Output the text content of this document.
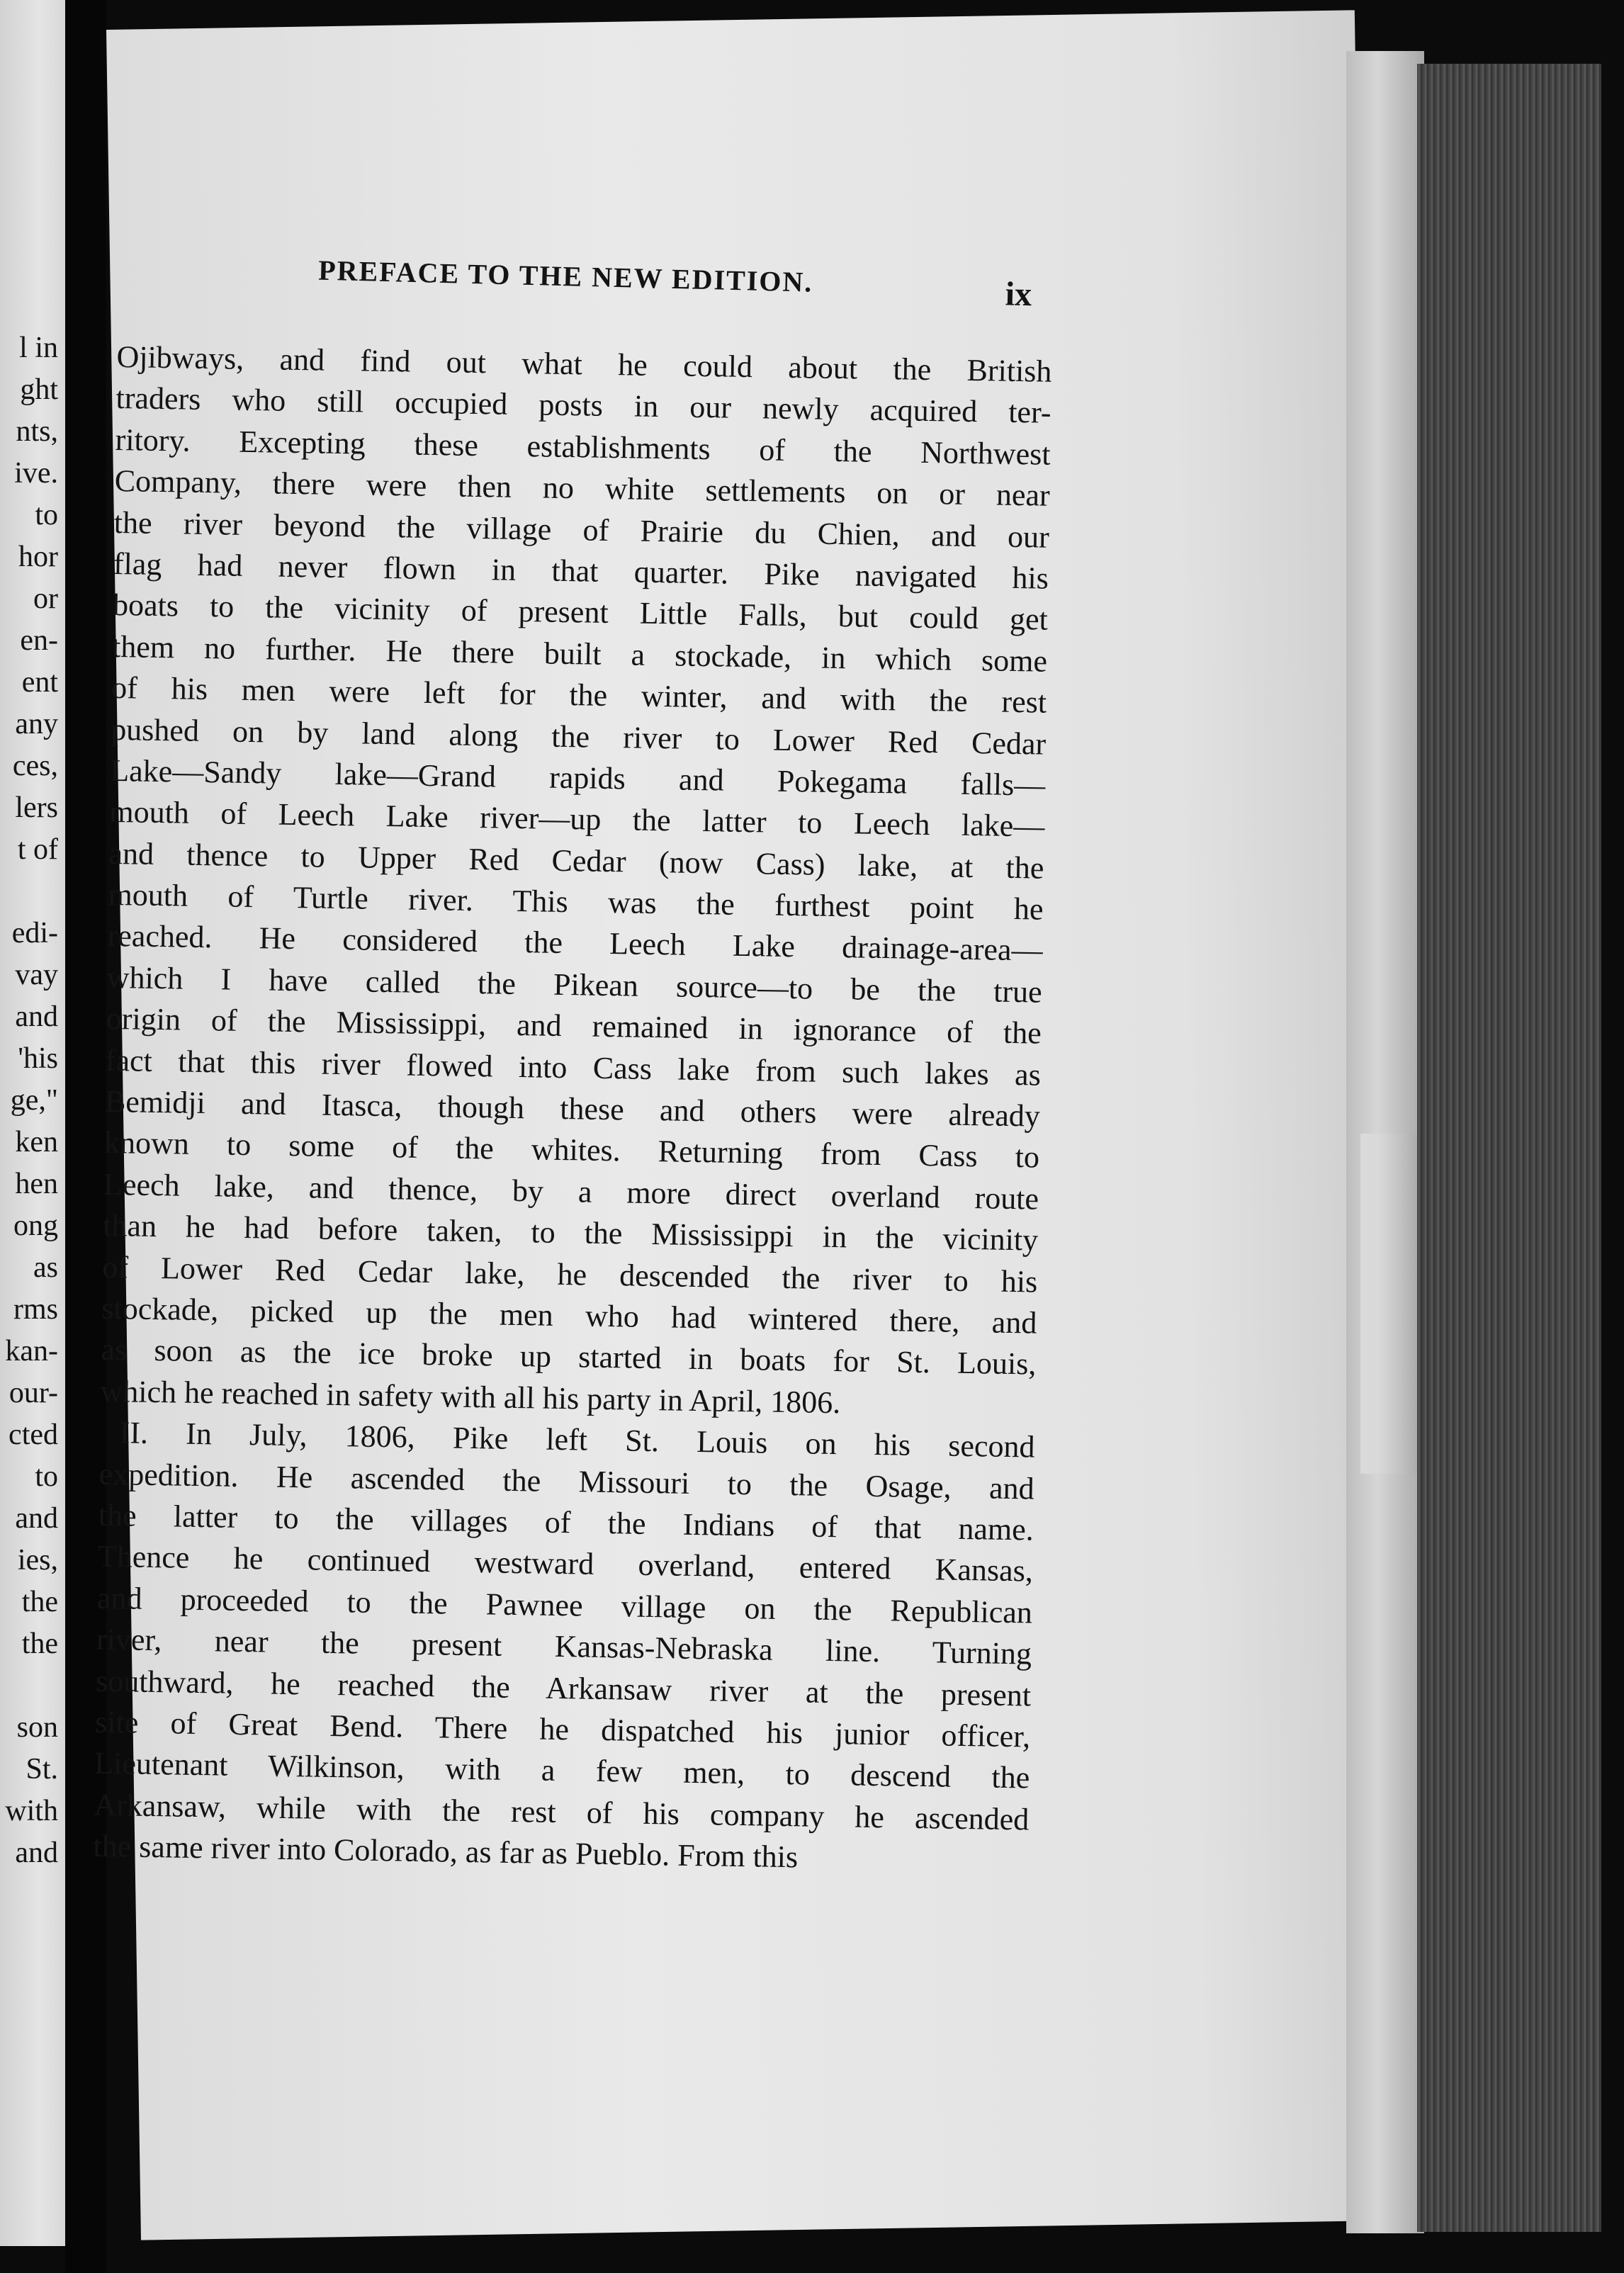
l in

ght

nts,

ive.

to

hor

or

en-

ent

any

ces,

lers

t of

edi-

vay

and

'his

ge,"

ken

hen

ong

as

rms

kan-

our-

cted

to

and

ies,

the

the

son

St.

with

and

PREFACE TO THE NEW EDITION.	ix
Ojibways, and find out what he could about the British
traders who still occupied posts in our newly acquired ter-
ritory. Excepting these establishments of the Northwest
Company, there were then no white settlements on or near
the river beyond the village of Prairie du Chien, and our
flag had never flown in that quarter. Pike navigated his
boats to the vicinity of present Little Falls, but could get
them no further. He there built a stockade, in which some
of his men were left for the winter, and with the rest
pushed on by land along the river to Lower Red Cedar
Lake—Sandy lake—Grand rapids and Pokegama falls—
mouth of Leech Lake river—up the latter to Leech lake—
and thence to Upper Red Cedar (now Cass) lake, at the
mouth of Turtle river. This was the furthest point he
reached. He considered the Leech Lake drainage-area—
which I have called the Pikean source—to be the true
origin of the Mississippi, and remained in ignorance of the
fact that this river flowed into Cass lake from such lakes as
Bemidji and Itasca, though these and others were already
known to some of the whites. Returning from Cass to
Leech lake, and thence, by a more direct overland route
than he had before taken, to the Mississippi in the vicinity
of Lower Red Cedar lake, he descended the river to his
stockade, picked up the men who had wintered there, and
as soon as the ice broke up started in boats for St. Louis,
which he reached in safety with all his party in April, 1806.
II. In July, 1806, Pike left St. Louis on his second
expedition. He ascended the Missouri to the Osage, and
the latter to the villages of the Indians of that name.
Thence he continued westward overland, entered Kansas,
and proceeded to the Pawnee village on the Republican
river, near the present Kansas-Nebraska line. Turning
southward, he reached the Arkansaw river at the present
site of Great Bend. There he dispatched his junior officer,
Lieutenant Wilkinson, with a few men, to descend the
Arkansaw, while with the rest of his company he ascended
the same river into Colorado, as far as Pueblo. From this
